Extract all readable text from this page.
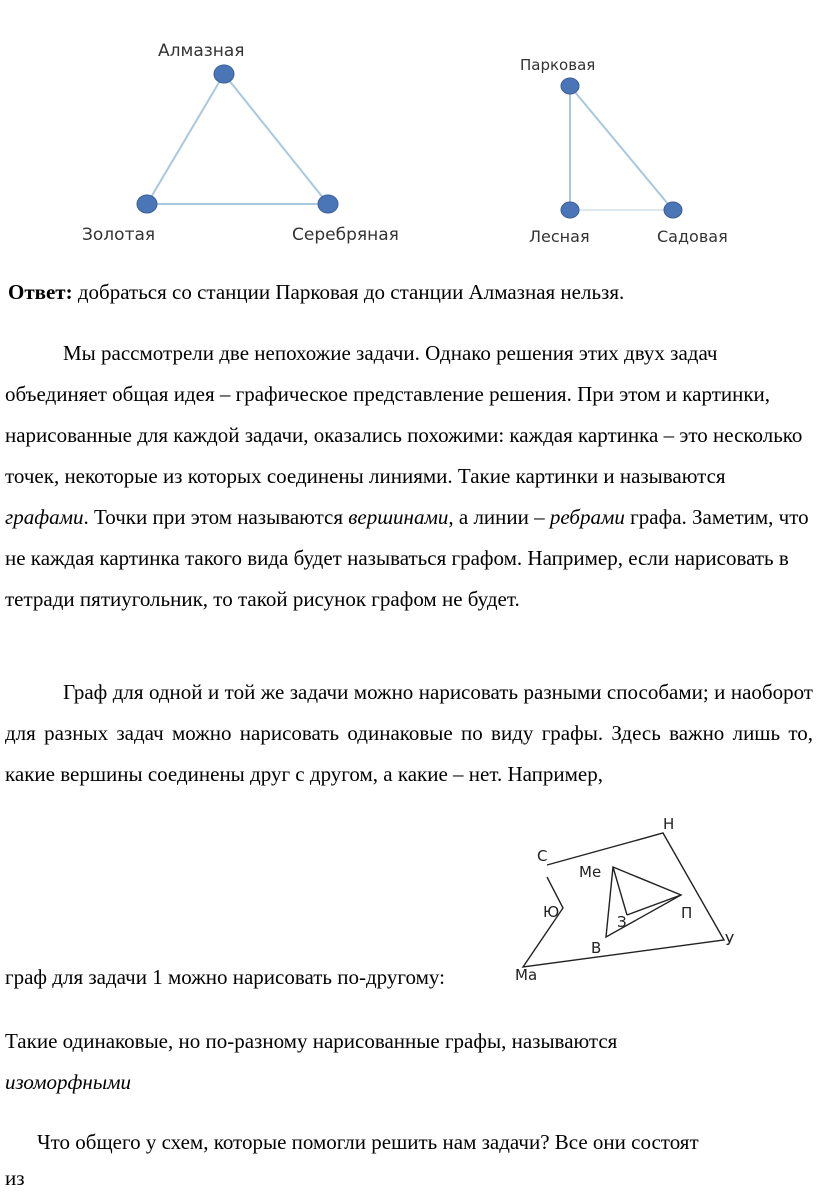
Алмазная
Золотая	Серебряная
Парковая
Лесная	Садовая
Ответ: добраться со станции Парковая до станции Алмазная нельзя.
Мы рассмотрели две непохожие задачи. Однако решения этих двух задач объединяет общая идея – графическое представление решения. При этом и картинки, нарисованные для каждой задачи, оказались похожими: каждая картинка – это несколько точек, некоторые из которых соединены линиями. Такие картинки и называются графами. Точки при этом называются вершинами, а линии – ребрами графа. Заметим, что не каждая картинка такого вида будет называться графом. Например, если нарисовать в тетради пятиугольник, то такой рисунок графом не будет.
Граф для одной и той же задачи можно нарисовать разными способами; и наоборот для разных задач можно нарисовать одинаковые по виду графы. Здесь важно лишь то, какие вершины соединены друг с другом, а какие – нет. Например,
Н
С
Ме
Ю
З	П
В	У
Ма
граф для задачи 1 можно нарисовать по-другому:
Такие одинаковые, но по-разному нарисованные графы, называются
изоморфными
Что общего у схем, которые помогли решить нам задачи? Все они состоят
из
